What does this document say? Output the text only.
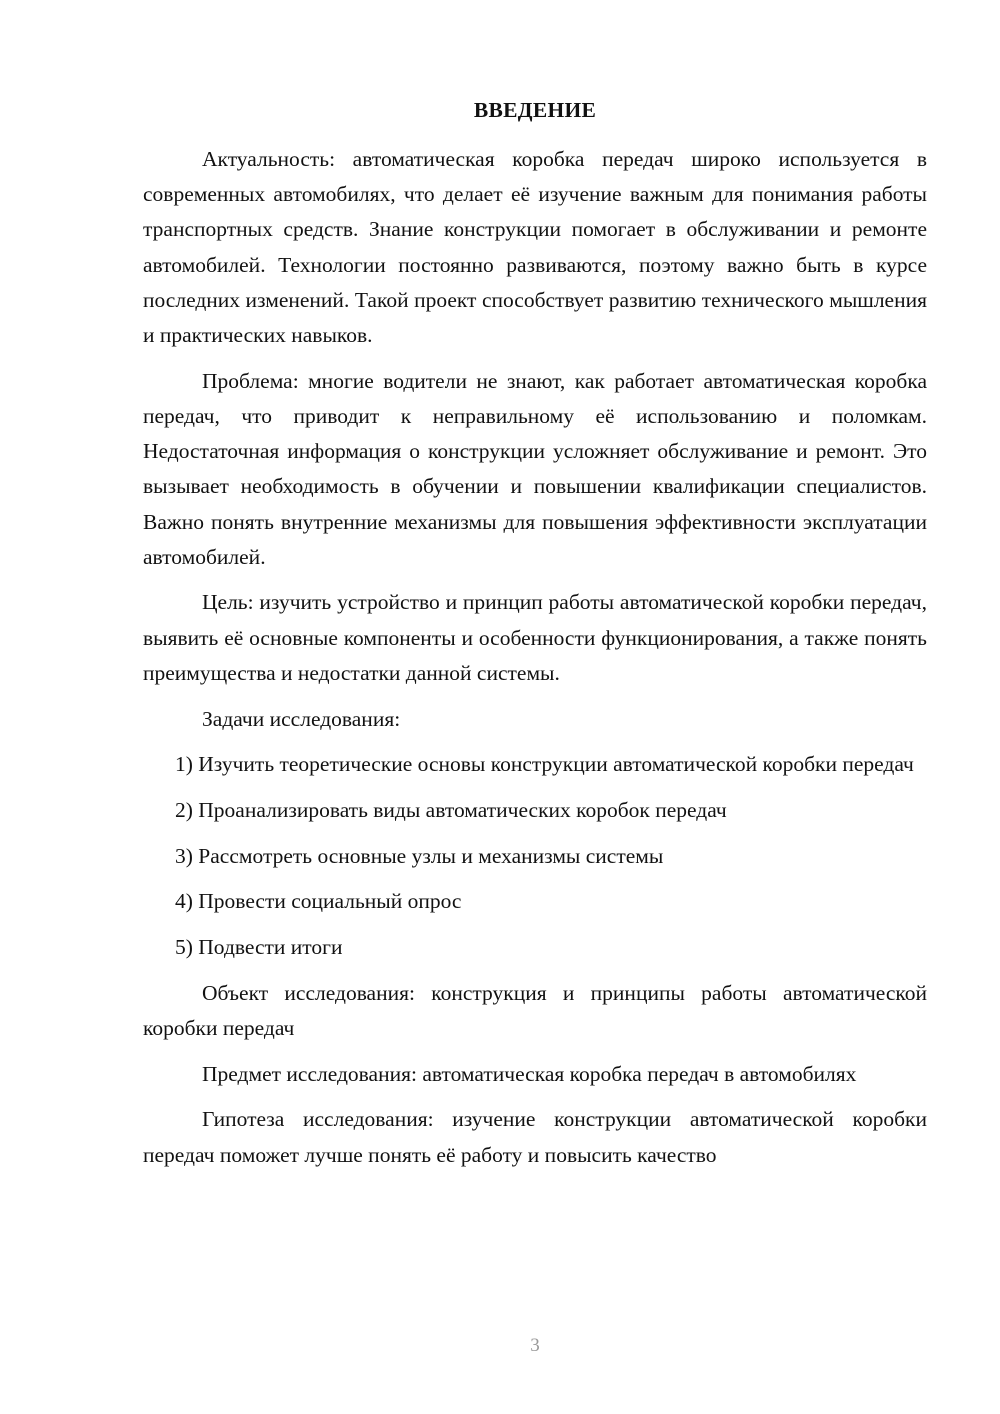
ВВЕДЕНИЕ

Актуальность: автоматическая коробка передач широко используется в современных автомобилях, что делает её изучение важным для понимания работы транспортных средств. Знание конструкции помогает в обслуживании и ремонте автомобилей. Технологии постоянно развиваются, поэтому важно быть в курсе последних изменений. Такой проект способствует развитию технического мышления и практических навыков.

Проблема: многие водители не знают, как работает автоматическая коробка передач, что приводит к неправильному её использованию и поломкам. Недостаточная информация о конструкции усложняет обслуживание и ремонт. Это вызывает необходимость в обучении и повышении квалификации специалистов. Важно понять внутренние механизмы для повышения эффективности эксплуатации автомобилей.

Цель: изучить устройство и принцип работы автоматической коробки передач, выявить её основные компоненты и особенности функционирования, а также понять преимущества и недостатки данной системы.

Задачи исследования:

1) Изучить теоретические основы конструкции автоматической коробки передач

2) Проанализировать виды автоматических коробок передач

3) Рассмотреть основные узлы и механизмы системы

4) Провести социальный опрос

5) Подвести итоги

Объект исследования: конструкция и принципы работы автоматической коробки передач

Предмет исследования: автоматическая коробка передач в автомобилях

Гипотеза исследования: изучение конструкции автоматической коробки передач поможет лучше понять её работу и повысить качество

3
